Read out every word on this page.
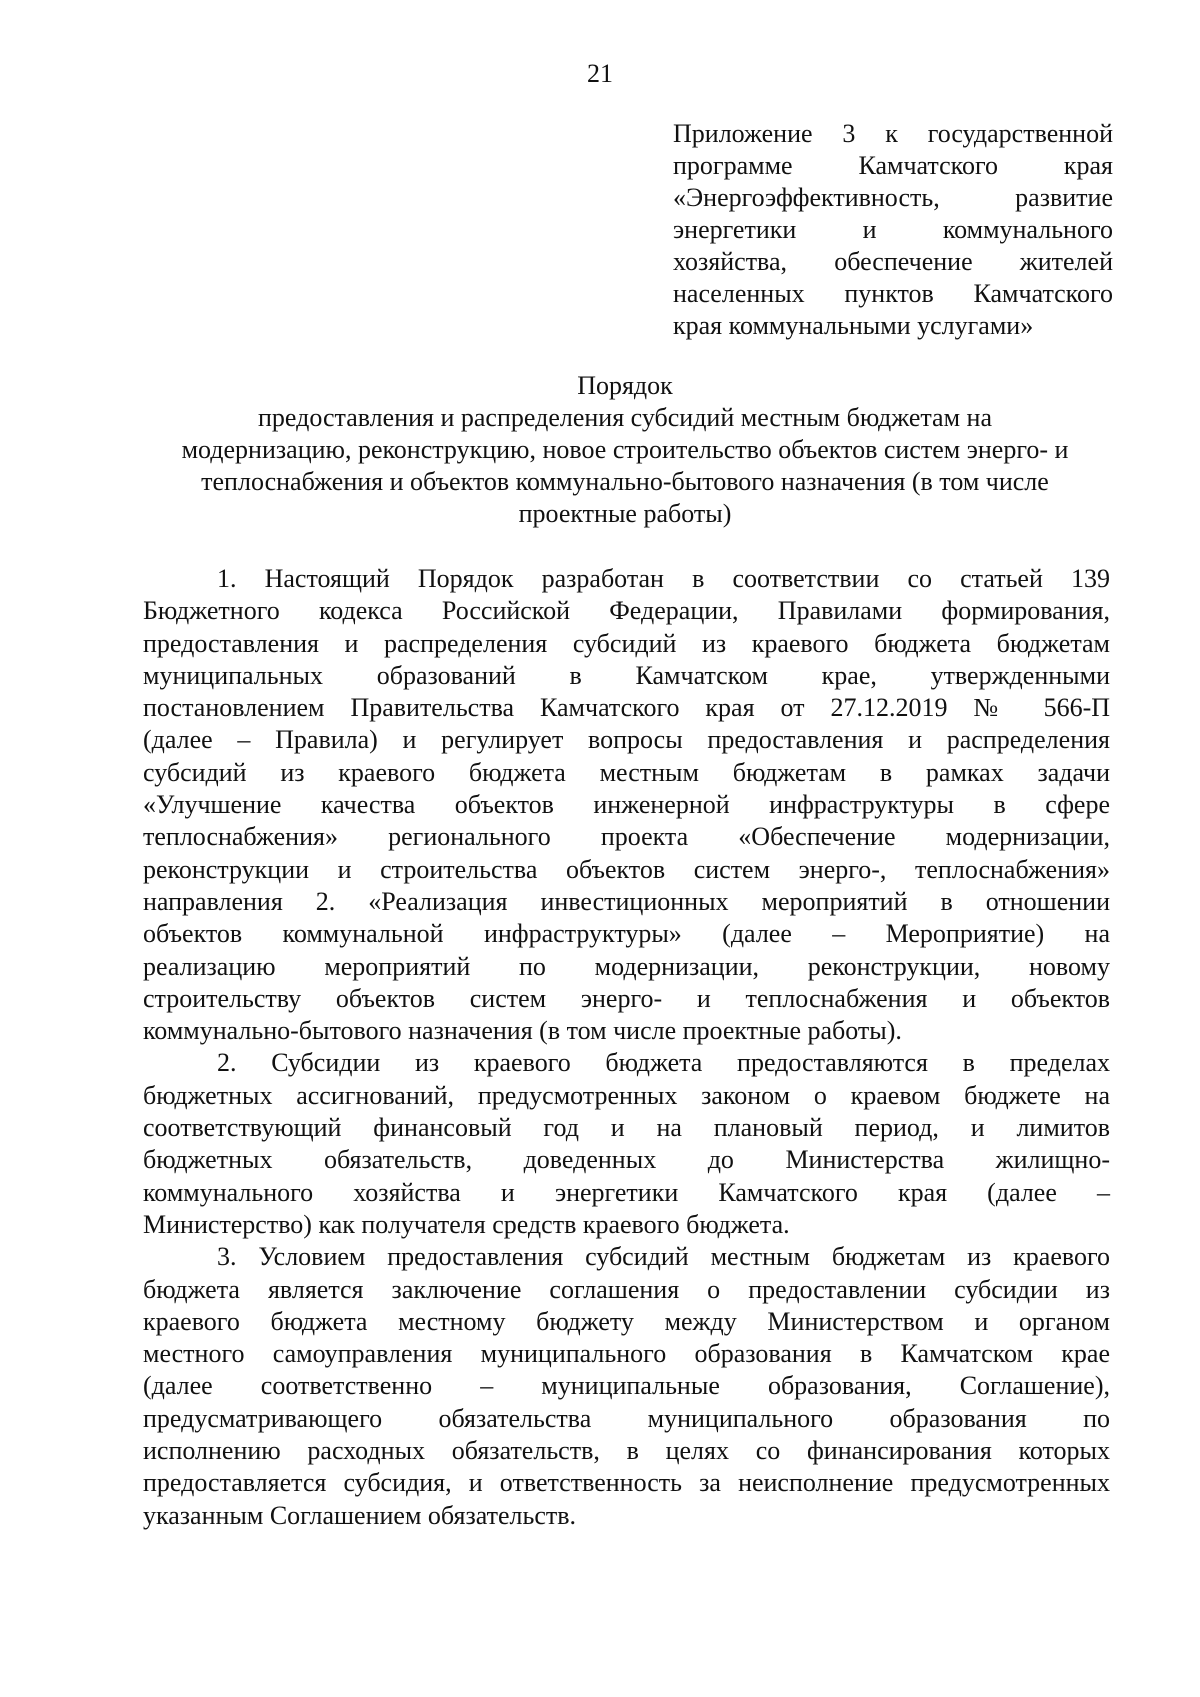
21
Приложение 3 к государственной
программе Камчатского края
«Энергоэффективность, развитие
энергетики и коммунального
хозяйства, обеспечение жителей
населенных пунктов Камчатского
края коммунальными услугами»
Порядок
предоставления и распределения субсидий местным бюджетам на
модернизацию, реконструкцию, новое строительство объектов систем энерго- и
теплоснабжения и объектов коммунально-бытового назначения (в том числе
проектные работы)
1. Настоящий Порядок разработан в соответствии со статьей 139
Бюджетного кодекса Российской Федерации, Правилами формирования,
предоставления и распределения субсидий из краевого бюджета бюджетам
муниципальных образований в Камчатском крае, утвержденными
постановлением Правительства Камчатского края от 27.12.2019 № 566-П
(далее – Правила) и регулирует вопросы предоставления и распределения
субсидий из краевого бюджета местным бюджетам в рамках задачи
«Улучшение качества объектов инженерной инфраструктуры в сфере
теплоснабжения» регионального проекта «Обеспечение модернизации,
реконструкции и строительства объектов систем энерго-, теплоснабжения»
направления 2. «Реализация инвестиционных мероприятий в отношении
объектов коммунальной инфраструктуры» (далее – Мероприятие) на
реализацию мероприятий по модернизации, реконструкции, новому
строительству объектов систем энерго- и теплоснабжения и объектов
коммунально-бытового назначения (в том числе проектные работы).
2. Субсидии из краевого бюджета предоставляются в пределах
бюджетных ассигнований, предусмотренных законом о краевом бюджете на
соответствующий финансовый год и на плановый период, и лимитов
бюджетных обязательств, доведенных до Министерства жилищно-
коммунального хозяйства и энергетики Камчатского края (далее –
Министерство) как получателя средств краевого бюджета.
3. Условием предоставления субсидий местным бюджетам из краевого
бюджета является заключение соглашения о предоставлении субсидии из
краевого бюджета местному бюджету между Министерством и органом
местного самоуправления муниципального образования в Камчатском крае
(далее соответственно – муниципальные образования, Соглашение),
предусматривающего обязательства муниципального образования по
исполнению расходных обязательств, в целях со финансирования которых
предоставляется субсидия, и ответственность за неисполнение предусмотренных
указанным Соглашением обязательств.
